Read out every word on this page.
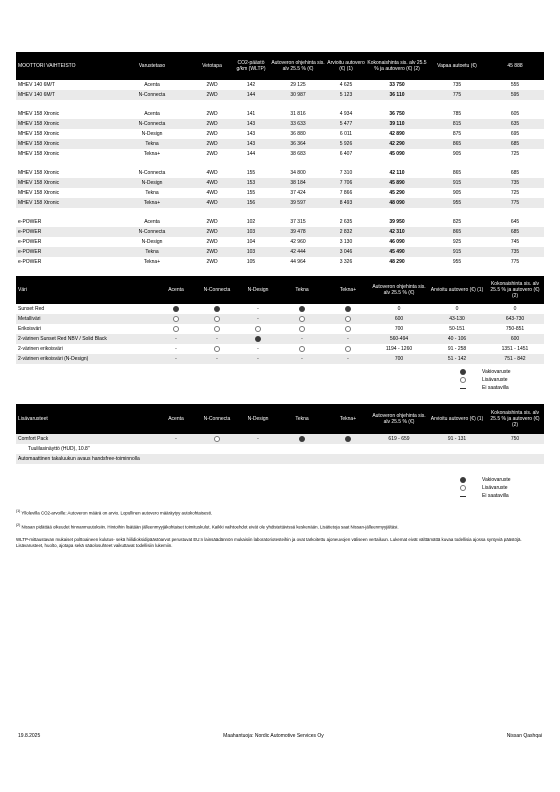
MOOTTORI VAIHTEISTO	Varustetaso	Vetotapa	CO2-päästö g/km (WLTP)	Autoveron ohjehinta sis. alv 25.5 % (€)	Arvioitu autovero (€) (1)	Kokonaishinta sis. alv 25.5 % ja autovero (€) (2)	Vapaa autoetu (€)	45 888
MHEV 140 6M/T	Acenta	2WD	142	29 125	4 625	33 750	735	555
MHEV 140 6M/T	N-Connecta	2WD	144	30 987	5 123	36 110	775	595

MHEV 158 Xtronic	Acenta	2WD	141	31 816	4 934	36 750	785	605
MHEV 158 Xtronic	N-Connecta	2WD	143	33 633	5 477	39 110	815	635
MHEV 158 Xtronic	N-Design	2WD	143	36 880	6 011	42 890	875	695
MHEV 158 Xtronic	Tekna	2WD	143	36 364	5 926	42 290	865	685
MHEV 158 Xtronic	Tekna+	2WD	144	38 683	6 407	45 090	905	725

MHEV 158 Xtronic	N-Connecta	4WD	155	34 800	7 310	42 110	865	685
MHEV 158 Xtronic	N-Design	4WD	153	38 184	7 706	45 890	915	735
MHEV 158 Xtronic	Tekna	4WD	155	37 424	7 866	45 290	905	725
MHEV 158 Xtronic	Tekna+	4WD	156	39 597	8 493	48 090	955	775

e-POWER	Acenta	2WD	102	37 315	2 635	39 950	825	645
e-POWER	N-Connecta	2WD	103	39 478	2 832	42 310	865	685
e-POWER	N-Design	2WD	104	42 960	3 130	46 090	925	745
e-POWER	Tekna	2WD	103	42 444	3 046	45 490	915	735
e-POWER	Tekna+	2WD	105	44 964	3 326	48 290	955	775

Väri	Acenta	N-Connecta	N-Design	Tekna	Tekna+	Autoveron ohjehinta sis. alv 25.5 % (€)	Arvioitu autovero (€) (1)	Kokonaishinta sis. alv 25.5 % ja autovero (€) (2)
Sunset Red			-			0	0	0
Metalliväri			-			600	43-130	643-730
Erikoisväri						700	50-151	750-851
2-värinen Sunset Red NBV / Solid Black	-	-		-	-	560-494	40 - 106	600
2-värinen erikoisväri	-		-			1194 - 1260	91 - 258	1351 - 1451
2-värinen erikoisväri (N-Design)	-	-	-	-	-	700	51 - 142	751 - 842
Vakiovaruste
Lisävaruste
Ei saatavilla
Lisävarusteet	Acenta	N-Connecta	N-Design	Tekna	Tekna+	Autoveron ohjehinta sis. alv 25.5 % (€)	Arvioitu autovero (€) (1)	Kokonaishinta sis. alv 25.5 % ja autovero (€) (2)
Comfort Pack	-		-			619 - 659	91 - 131	750
Tuulilasinäyttö (HUD), 10.8"								
Automaattinen takaluukun avaus handsfree-toiminnolla								
Vakiovaruste
Lisävaruste
Ei saatavilla

$^{(1)}$ Yllolevilla CO2-arvoille: Autoveron määrä on arvio. Lopullinen autovero määräytyy autokohtaisesti.

$^{(2)}$ Nissan pidättää oikeudet hinnanmuutoksiin. Hintoihin lisätään jälleenmyyjäkohtaiset toimituskulut. Kaikki vaihtoehdot eivät ole yhdistettävissä keskenään. Lisätietoja saat Nissan-jälleenmyyjältäsi.

WLTP-mittaustavan mukaiset polttoaineen kulutus- sekä hiilidioksidipäästöarvot perustuvat EU:n lainsäädännön mukaisiin laboratoriotesteihin ja ovat tarkoitettu ajoneuvojen väliseen vertailuun. Lukemat eivät välttämättä kuvaa todellisia ajossa syntyviä päästöjä. Lisävarusteet, huolto, ajotapa sekä sääolosuhteet vaikuttavat todellisiin lukemiin.

19.8.2025	Maahantuoja: Nordic Automotive Services Oy	Nissan Qashqai
